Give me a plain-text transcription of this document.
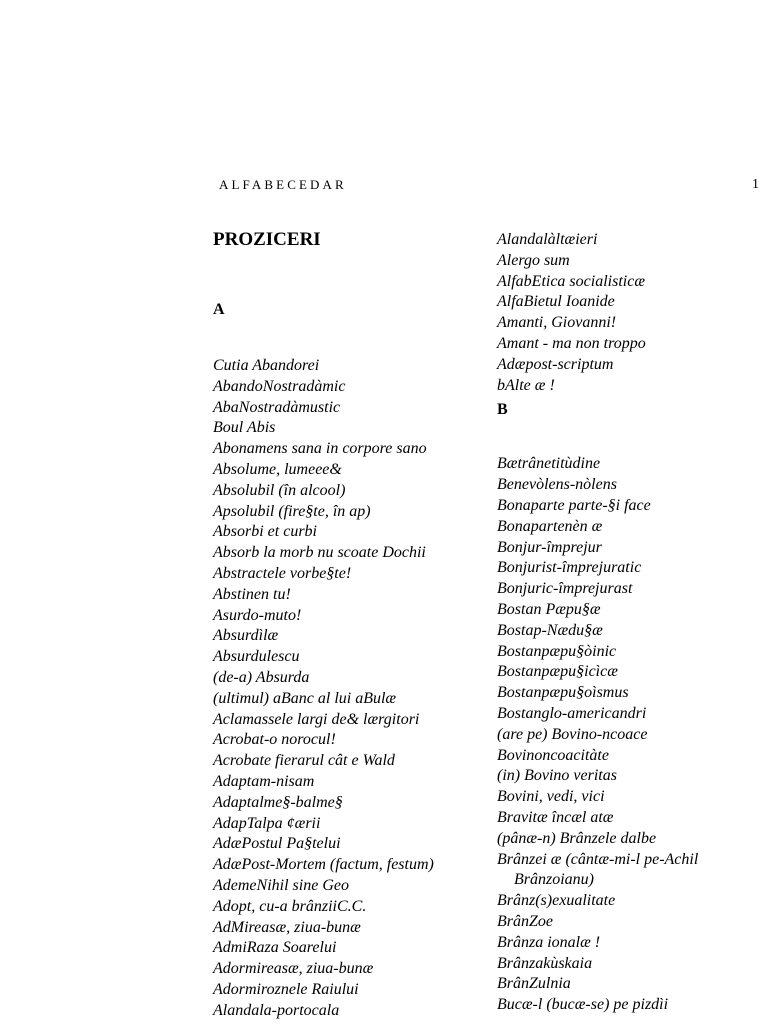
ALFABECEDAR	1
PROZICERI
A
Cutia Abandorei
AbandoNostradàmic
AbaNostradàmustic
Boul Abis
Abonamens sana in corpore sano
Absolume, lumeee&
Absolubil (în alcool)
Apsolubil (fire§te, în ap)
Absorbi et curbi
Absorb la morb nu scoate Dochii
Abstractele vorbe§te!
Abstinen tu!
Asurdo-muto!
Absurdìlæ
Absurdulescu
(de-a) Absurda
(ultimul) aBanc al lui aBulæ
Aclamassele largi de& lærgitori
Acrobat-o norocul!
Acrobate fierarul cât e Wald
Adaptam-nisam
Adaptalme§-balme§
AdapTalpa ¢ærii
AdæPostul Pa§telui
AdæPost-Mortem (factum, festum)
AdemeNihil sine Geo
Adopt, cu-a brânziiC.C.
AdMireasæ, ziua-bunæ
AdmiRaza Soarelui
Adormireasæ, ziua-bunæ
Adormiroznele Raiului
Alandala-portocala
Alandalàltæieri
Alergo sum
AlfabEtica socialisticæ
AlfaBietul Ioanide
Amanti, Giovanni!
Amant - ma non troppo
Adæpost-scriptum
bAlte æ !
B
Bætrânetitùdine
Benevòlens-nòlens
Bonaparte parte-§i face
Bonapartenèn æ
Bonjur-împrejur
Bonjurist-împrejuratic
Bonjuric-împrejurast
Bostan Pæpu§æ
Bostap-Nædu§æ
Bostanpæpu§òinic
Bostanpæpu§icìcæ
Bostanpæpu§oìsmus
Bostanglo-americandri
(are pe) Bovino-ncoace
Bovinoncoacitàte
(in) Bovino veritas
Bovini, vedi, vici
Bravitæ încæl atæ
(pânæ-n) Brânzele dalbe
Brânzei æ (cântæ-mi-l pe-Achil
Brânzoianu)
Brânz(s)exualitate
BrânZoe
Brânza ionalæ !
Brânzakùskaia
BrânZulnia
Bucæ-l (bucæ-se) pe pizdìi
